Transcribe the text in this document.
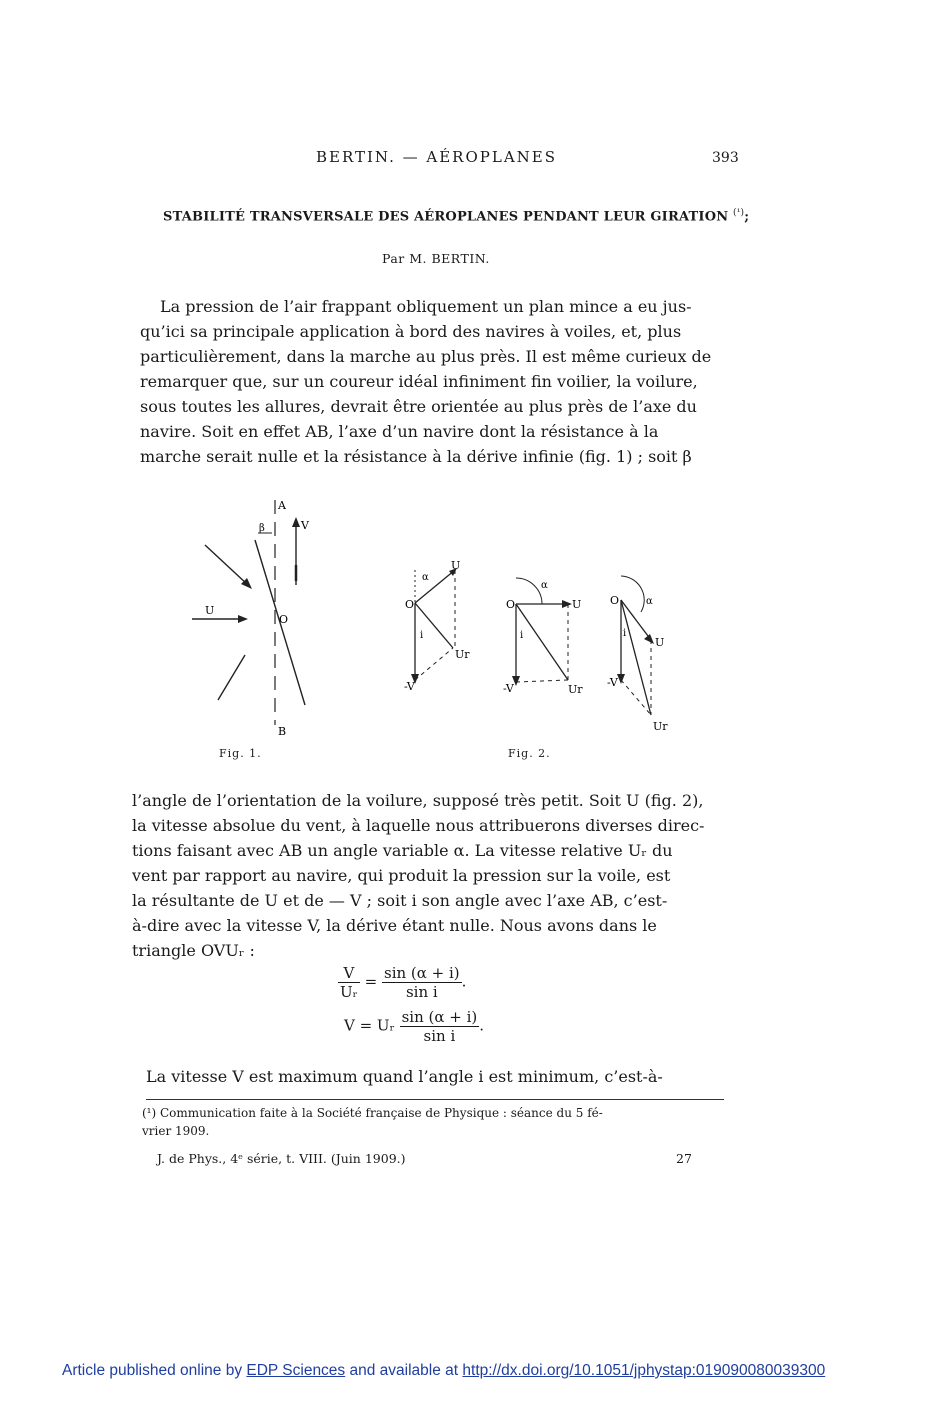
BERTIN. — AÉROPLANES	393
STABILITÉ TRANSVERSALE DES AÉROPLANES PENDANT LEUR GIRATION $^{(^1)}$;
Par M. BERTIN.
La pression de l’air frappant obliquement un plan mince a eu jus-
qu’ici sa principale application à bord des navires à voiles, et, plus
particulièrement, dans la marche au plus près. Il est même curieux de
remarquer que, sur un coureur idéal infiniment fin voilier, la voilure,
sous toutes les allures, devrait être orientée au plus près de l’axe du
navire. Soit en effet AB, l’axe d’un navire dont la résistance à la
marche serait nulle et la résistance à la dérive infinie (fig. 1) ; soit β
A
B
V
U
O
β
O
U
Ur
-V
α
i
O	U
Ur
-V
α
i
O
U
Ur
-V
α
i
Fig. 1.	Fig. 2.
l’angle de l’orientation de la voilure, supposé très petit. Soit U (fig. 2),
la vitesse absolue du vent, à laquelle nous attribuerons diverses direc-
tions faisant avec AB un angle variable α. La vitesse relative Uᵣ du
vent par rapport au navire, qui produit la pression sur la voile, est
la résultante de U et de — V ; soit i son angle avec l’axe AB, c’est-
à-dire avec la vitesse V, la dérive étant nulle. Nous avons dans le
triangle OVUᵣ :
$\frac{V}{\text{Uᵣ}} = \frac{\sin (\alpha + i)}{\text{sin i}}$ .
V = Uᵣ $\frac{\sin (\alpha + i)}{\text{sin i}}$ .
La vitesse V est maximum quand l’angle i est minimum, c’est-à-
(¹) Communication faite à la Société française de Physique : séance du 5 fé-
vrier 1909.
J. de Phys., 4ᵉ série, t. VIII. (Juin 1909.)	27
Article published online by EDP Sciences and available at http://dx.doi.org/10.1051/jphystap:019090080039300
